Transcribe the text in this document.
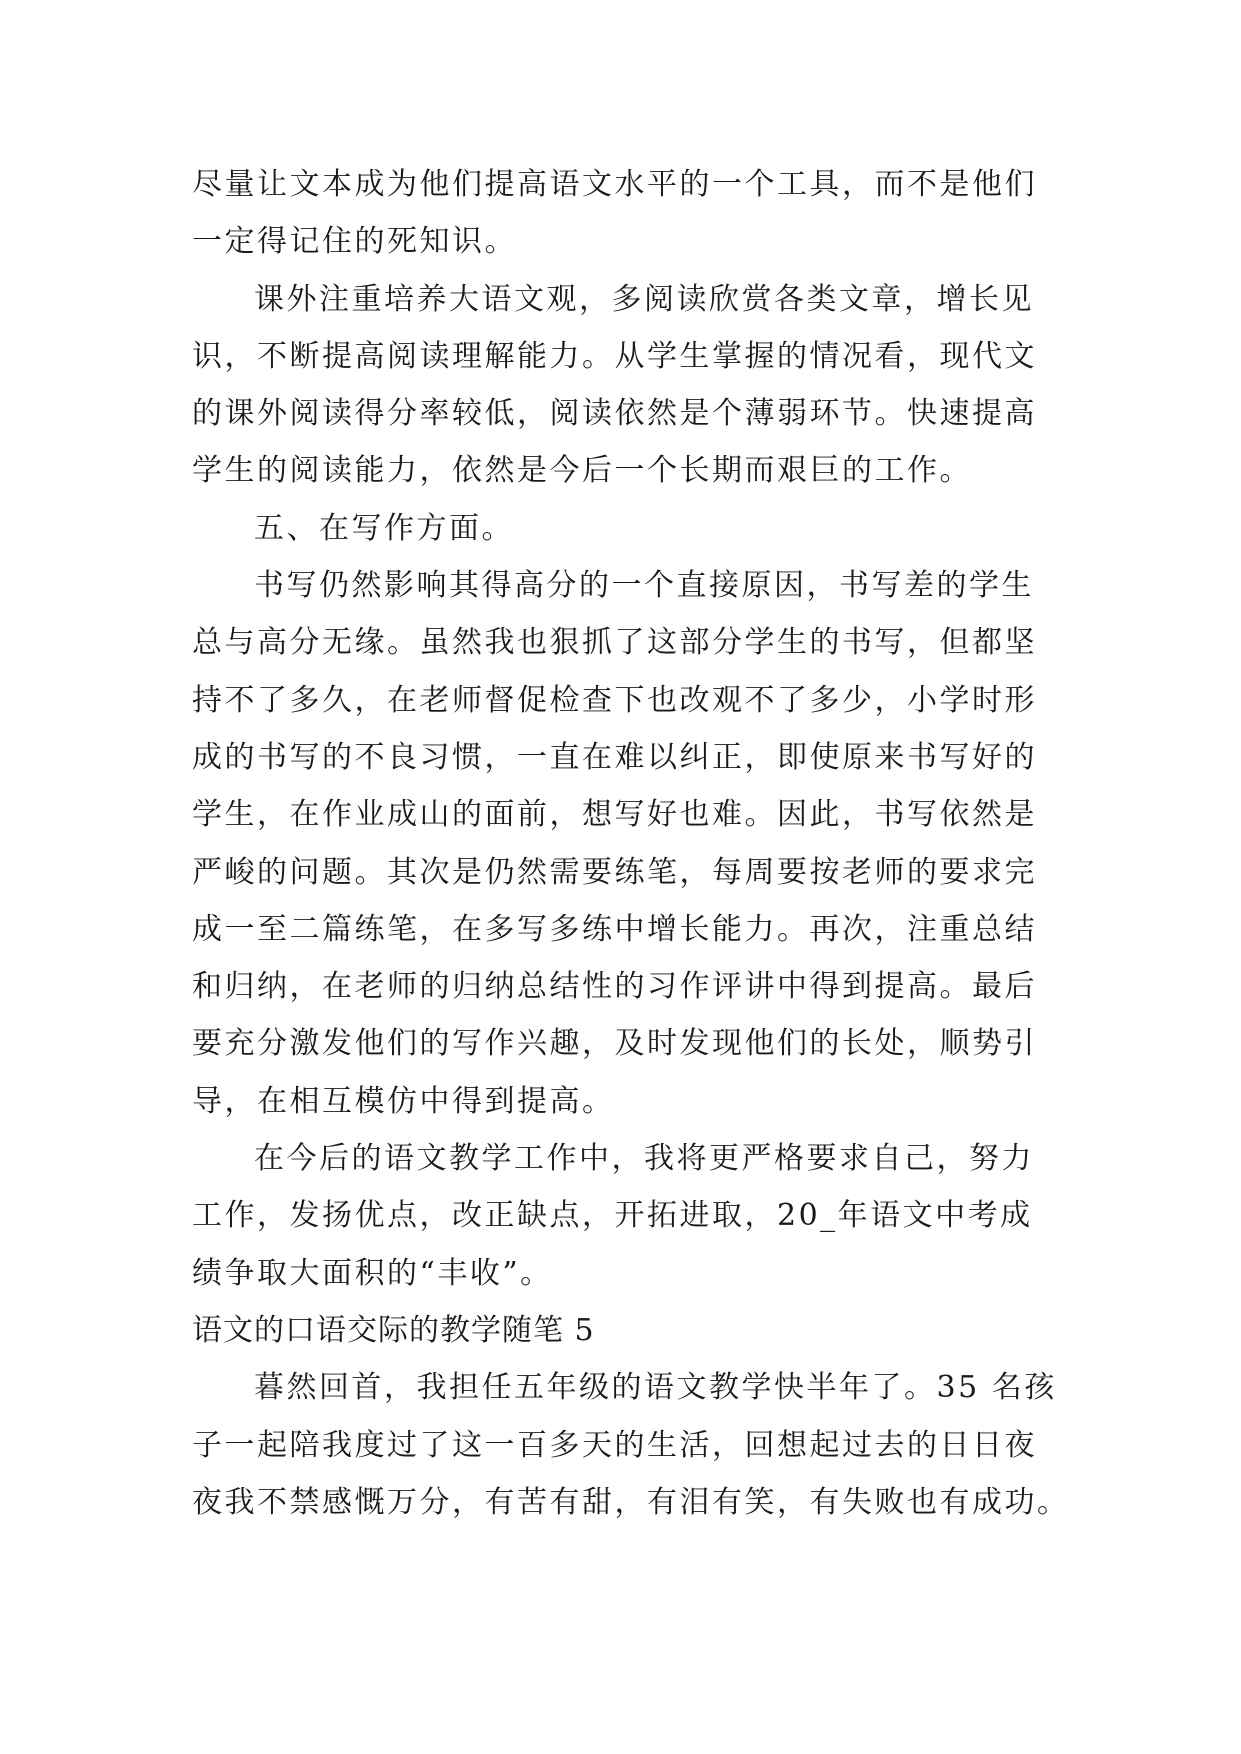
尽量让文本成为他们提高语文水平的一个工具，而不是他们
一定得记住的死知识。
课外注重培养大语文观，多阅读欣赏各类文章，增长见
识，不断提高阅读理解能力。从学生掌握的情况看，现代文
的课外阅读得分率较低，阅读依然是个薄弱环节。快速提高
学生的阅读能力，依然是今后一个长期而艰巨的工作。
五、在写作方面。
书写仍然影响其得高分的一个直接原因，书写差的学生
总与高分无缘。虽然我也狠抓了这部分学生的书写，但都坚
持不了多久，在老师督促检查下也改观不了多少，小学时形
成的书写的不良习惯，一直在难以纠正，即使原来书写好的
学生，在作业成山的面前，想写好也难。因此，书写依然是
严峻的问题。其次是仍然需要练笔，每周要按老师的要求完
成一至二篇练笔，在多写多练中增长能力。再次，注重总结
和归纳，在老师的归纳总结性的习作评讲中得到提高。最后
要充分激发他们的写作兴趣，及时发现他们的长处，顺势引
导，在相互模仿中得到提高。
在今后的语文教学工作中，我将更严格要求自己，努力
工作，发扬优点，改正缺点，开拓进取，20_年语文中考成
绩争取大面积的“丰收”。
语文的口语交际的教学随笔 5
暮然回首，我担任五年级的语文教学快半年了。35 名孩
子一起陪我度过了这一百多天的生活，回想起过去的日日夜
夜我不禁感慨万分，有苦有甜，有泪有笑，有失败也有成功。
